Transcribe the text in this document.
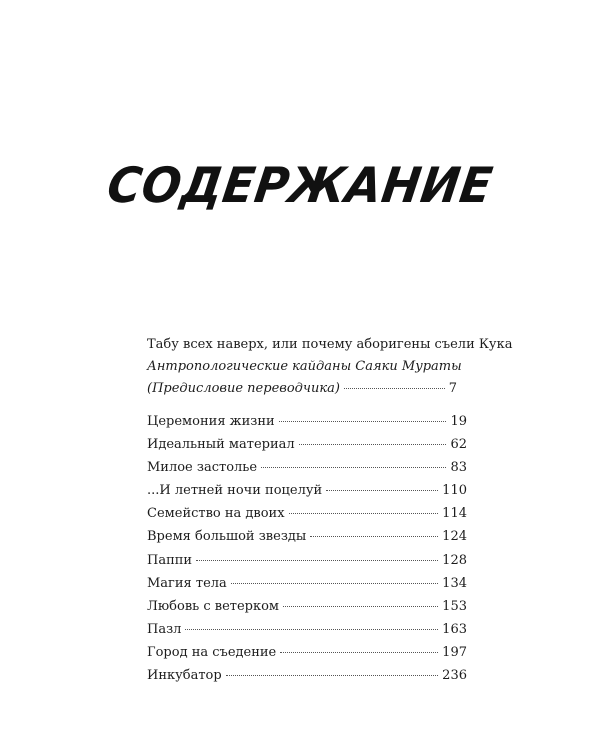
СОДЕРЖАНИЕ
Табу всех наверх, или почему аборигены съели Кука
Антропологические кайданы Саяки Мураты
(Предисловие переводчика)	7
Церемония жизни	19
Идеальный материал	62
Милое застолье	83
...И летней ночи поцелуй	110
Семейство на двоих	114
Время большой звезды	124
Паппи	128
Магия тела	134
Любовь с ветерком	153
Пазл	163
Город на съедение	197
Инкубатор	236
